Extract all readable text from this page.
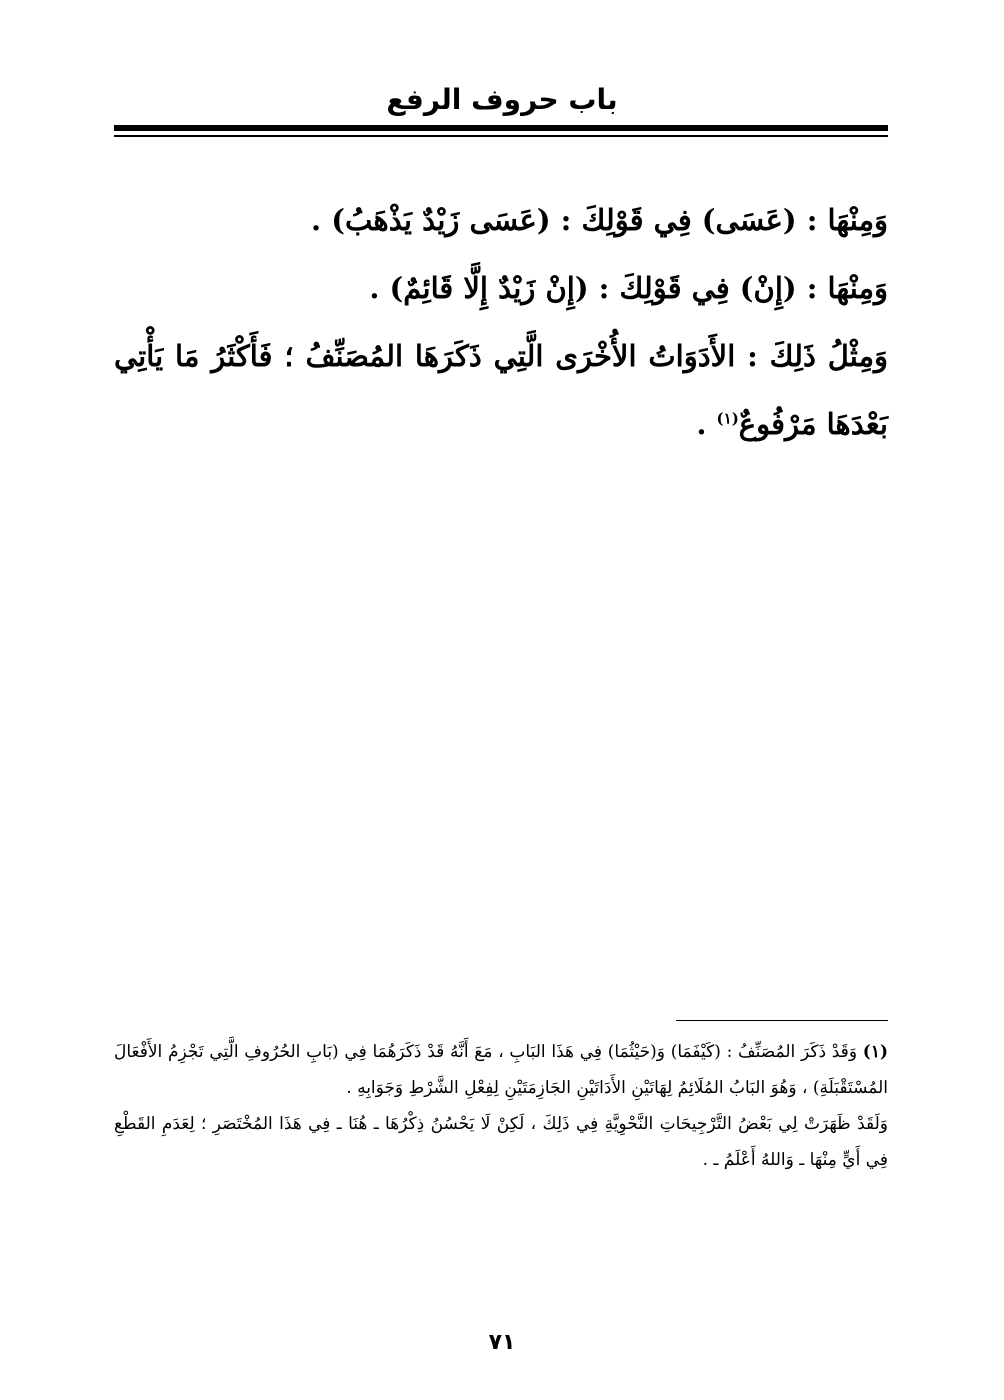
باب حروف الرفع

وَمِنْهَا : (عَسَى) فِي قَوْلِكَ : (عَسَى زَيْدٌ يَذْهَبُ) .

وَمِنْهَا : (إِنْ) فِي قَوْلِكَ : (إِنْ زَيْدٌ إِلَّا قَائِمٌ) .

وَمِثْلُ ذَلِكَ : الأَدَوَاتُ الأُخْرَى الَّتِي ذَكَرَهَا المُصَنِّفُ ؛ فَأَكْثَرُ مَا يَأْتِي بَعْدَهَا مَرْفُوعٌ$^{(١)}$ .

(١) وَقَدْ ذَكَرَ المُصَنِّفُ : (كَيْفَمَا) وَ(حَيْثُمَا) فِي هَذَا البَابِ ، مَعَ أَنَّهُ قَدْ ذَكَرَهُمَا فِي (بَابِ الحُرُوفِ الَّتِي تَجْزِمُ الأَفْعَالَ المُسْتَقْبَلَةِ) ، وَهُوَ البَابُ المُلَائِمُ لِهَاتَيْنِ الأَدَاتَيْنِ الجَازِمَتَيْنِ لِفِعْلِ الشَّرْطِ وَجَوَابِهِ .

وَلَقَدْ ظَهَرَتْ لِي بَعْضُ التَّرْجِيحَاتِ النَّحْوِيَّةِ فِي ذَلِكَ ، لَكِنْ لَا يَحْسُنُ ذِكْرُهَا ـ هُنَا ـ فِي هَذَا المُخْتَصَرِ ؛ لِعَدَمِ القَطْعِ فِي أَيٍّ مِنْهَا ـ وَاللهُ أَعْلَمُ ـ .

٧١
